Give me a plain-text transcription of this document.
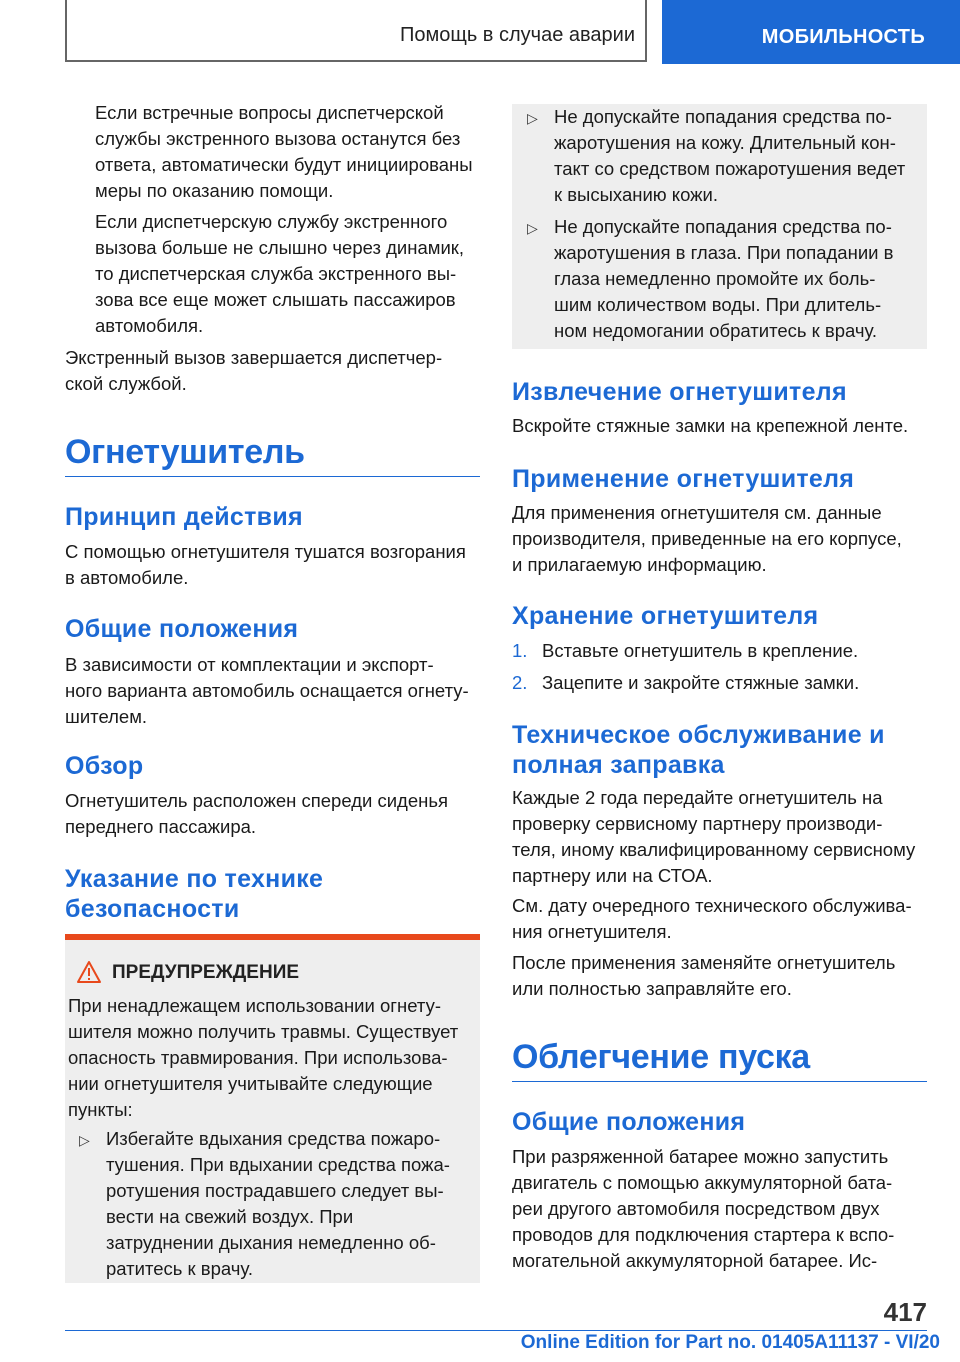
Помощь в случае аварии	МОБИЛЬНОСТЬ
Если встречные вопросы диспетчерской
службы экстренного вызова останутся без
ответа, автоматически будут инициированы
меры по оказанию помощи.
Если диспетчерскую службу экстренного
вызова больше не слышно через динамик,
то диспетчерская служба экстренного вы-
зова все еще может слышать пассажиров
автомобиля.
Экстренный вызов завершается диспетчер-
ской службой.
Огнетушитель
Принцип действия
С помощью огнетушителя тушатся возгорания
в автомобиле.
Общие положения
В зависимости от комплектации и экспорт-
ного варианта автомобиль оснащается огнету-
шителем.
Обзор
Огнетушитель расположен спереди сиденья
переднего пассажира.
Указание по технике
безопасности
ПРЕДУПРЕЖДЕНИЕ
При ненадлежащем использовании огнету-
шителя можно получить травмы. Существует
опасность травмирования. При использова-
нии огнетушителя учитывайте следующие
пункты:
▷ Избегайте вдыхания средства пожаро-
тушения. При вдыхании средства пожа-
ротушения пострадавшего следует вы-
вести на свежий воздух. При
затруднении дыхания немедленно об-
ратитесь к врачу.
▷ Не допускайте попадания средства по-
жаротушения на кожу. Длительный кон-
такт со средством пожаротушения ведет
к высыханию кожи.
▷ Не допускайте попадания средства по-
жаротушения в глаза. При попадании в
глаза немедленно промойте их боль-
шим количеством воды. При длитель-
ном недомогании обратитесь к врачу.
Извлечение огнетушителя
Вскройте стяжные замки на крепежной ленте.
Применение огнетушителя
Для применения огнетушителя см. данные
производителя, приведенные на его корпусе,
и прилагаемую информацию.
Хранение огнетушителя
1. Вставьте огнетушитель в крепление.
2. Зацепите и закройте стяжные замки.
Техническое обслуживание и
полная заправка
Каждые 2 года передайте огнетушитель на
проверку сервисному партнеру производи-
теля, иному квалифицированному сервисному
партнеру или на СТОА.
См. дату очередного технического обслужива-
ния огнетушителя.
После применения заменяйте огнетушитель
или полностью заправляйте его.
Облегчение пуска
Общие положения
При разряженной батарее можно запустить
двигатель с помощью аккумуляторной бата-
реи другого автомобиля посредством двух
проводов для подключения стартера к вспо-
могательной аккумуляторной батарее. Ис-
417
Online Edition for Part no. 01405A11137 - VI/20
